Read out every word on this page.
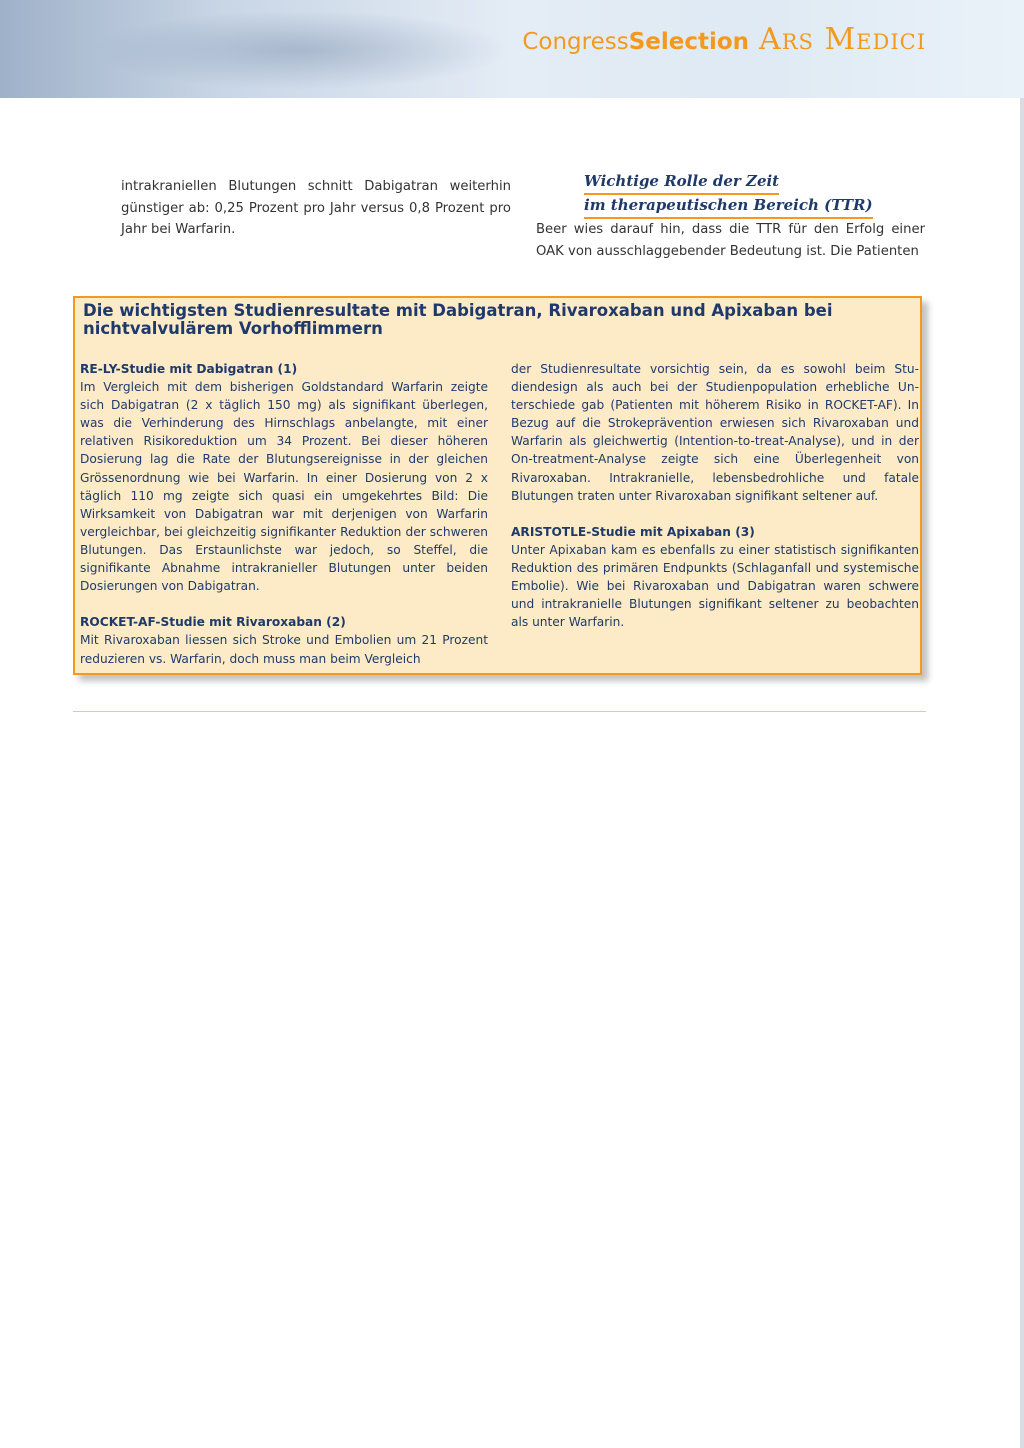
Congress Selection Ars Medici
intrakraniellen Blutungen schnitt Dabigatran weiterhin günstiger ab: 0,25 Prozent pro Jahr versus 0,8 Prozent pro Jahr bei Warfarin.
Wichtige Rolle der Zeit
im therapeutischen Bereich (TTR)
Beer wies darauf hin, dass die TTR für den Erfolg einer OAK von ausschlaggebender Bedeutung ist. Die Patienten
Die wichtigsten Studienresultate mit Dabigatran, Rivaroxaban und Apixaban bei nichtvalvulärem Vorhofflimmern
RE-LY-Studie mit Dabigatran (1)
Im Vergleich mit dem bisherigen Goldstandard Warfarin zeigte sich Dabigatran (2 x täglich 150 mg) als signifikant überlegen, was die Verhinderung des Hirnschlags anbelangte, mit einer relativen Risikoreduktion um 34 Prozent. Bei dieser höheren Dosierung lag die Rate der Blutungsereignisse in der gleichen Grössenordnung wie bei Warfarin. In einer Dosierung von 2 x täglich 110 mg zeigte sich quasi ein umgekehrtes Bild: Die Wirksamkeit von Dabigatran war mit derjenigen von Warfarin vergleichbar, bei gleichzeitig signifikanter Reduktion der schweren Blutungen. Das Erstaunlichste war jedoch, so Steffel, die signifikante Abnahme intrakranieller Blutungen unter beiden Dosierungen von Dabigatran.
ROCKET-AF-Studie mit Rivaroxaban (2)
Mit Rivaroxaban liessen sich Stroke und Embolien um 21 Prozent reduzieren vs. Warfarin, doch muss man beim Vergleich
der Studienresultate vorsichtig sein, da es sowohl beim Studiendesign als auch bei der Studienpopulation erhebliche Unterschiede gab (Patienten mit höherem Risiko in ROCKET-AF). In Bezug auf die Strokeprävention erwiesen sich Rivaroxaban und Warfarin als gleichwertig (Intention-to-treat-Analyse), und in der On-treatment-Analyse zeigte sich eine Überlegenheit von Rivaroxaban. Intrakranielle, lebensbedrohliche und fatale Blutungen traten unter Rivaroxaban signifikant seltener auf.
ARISTOTLE-Studie mit Apixaban (3)
Unter Apixaban kam es ebenfalls zu einer statistisch signifikanten Reduktion des primären Endpunkts (Schlaganfall und systemische Embolie). Wie bei Rivaroxaban und Dabigatran waren schwere und intrakranielle Blutungen signifikant seltener zu beobachten als unter Warfarin.
